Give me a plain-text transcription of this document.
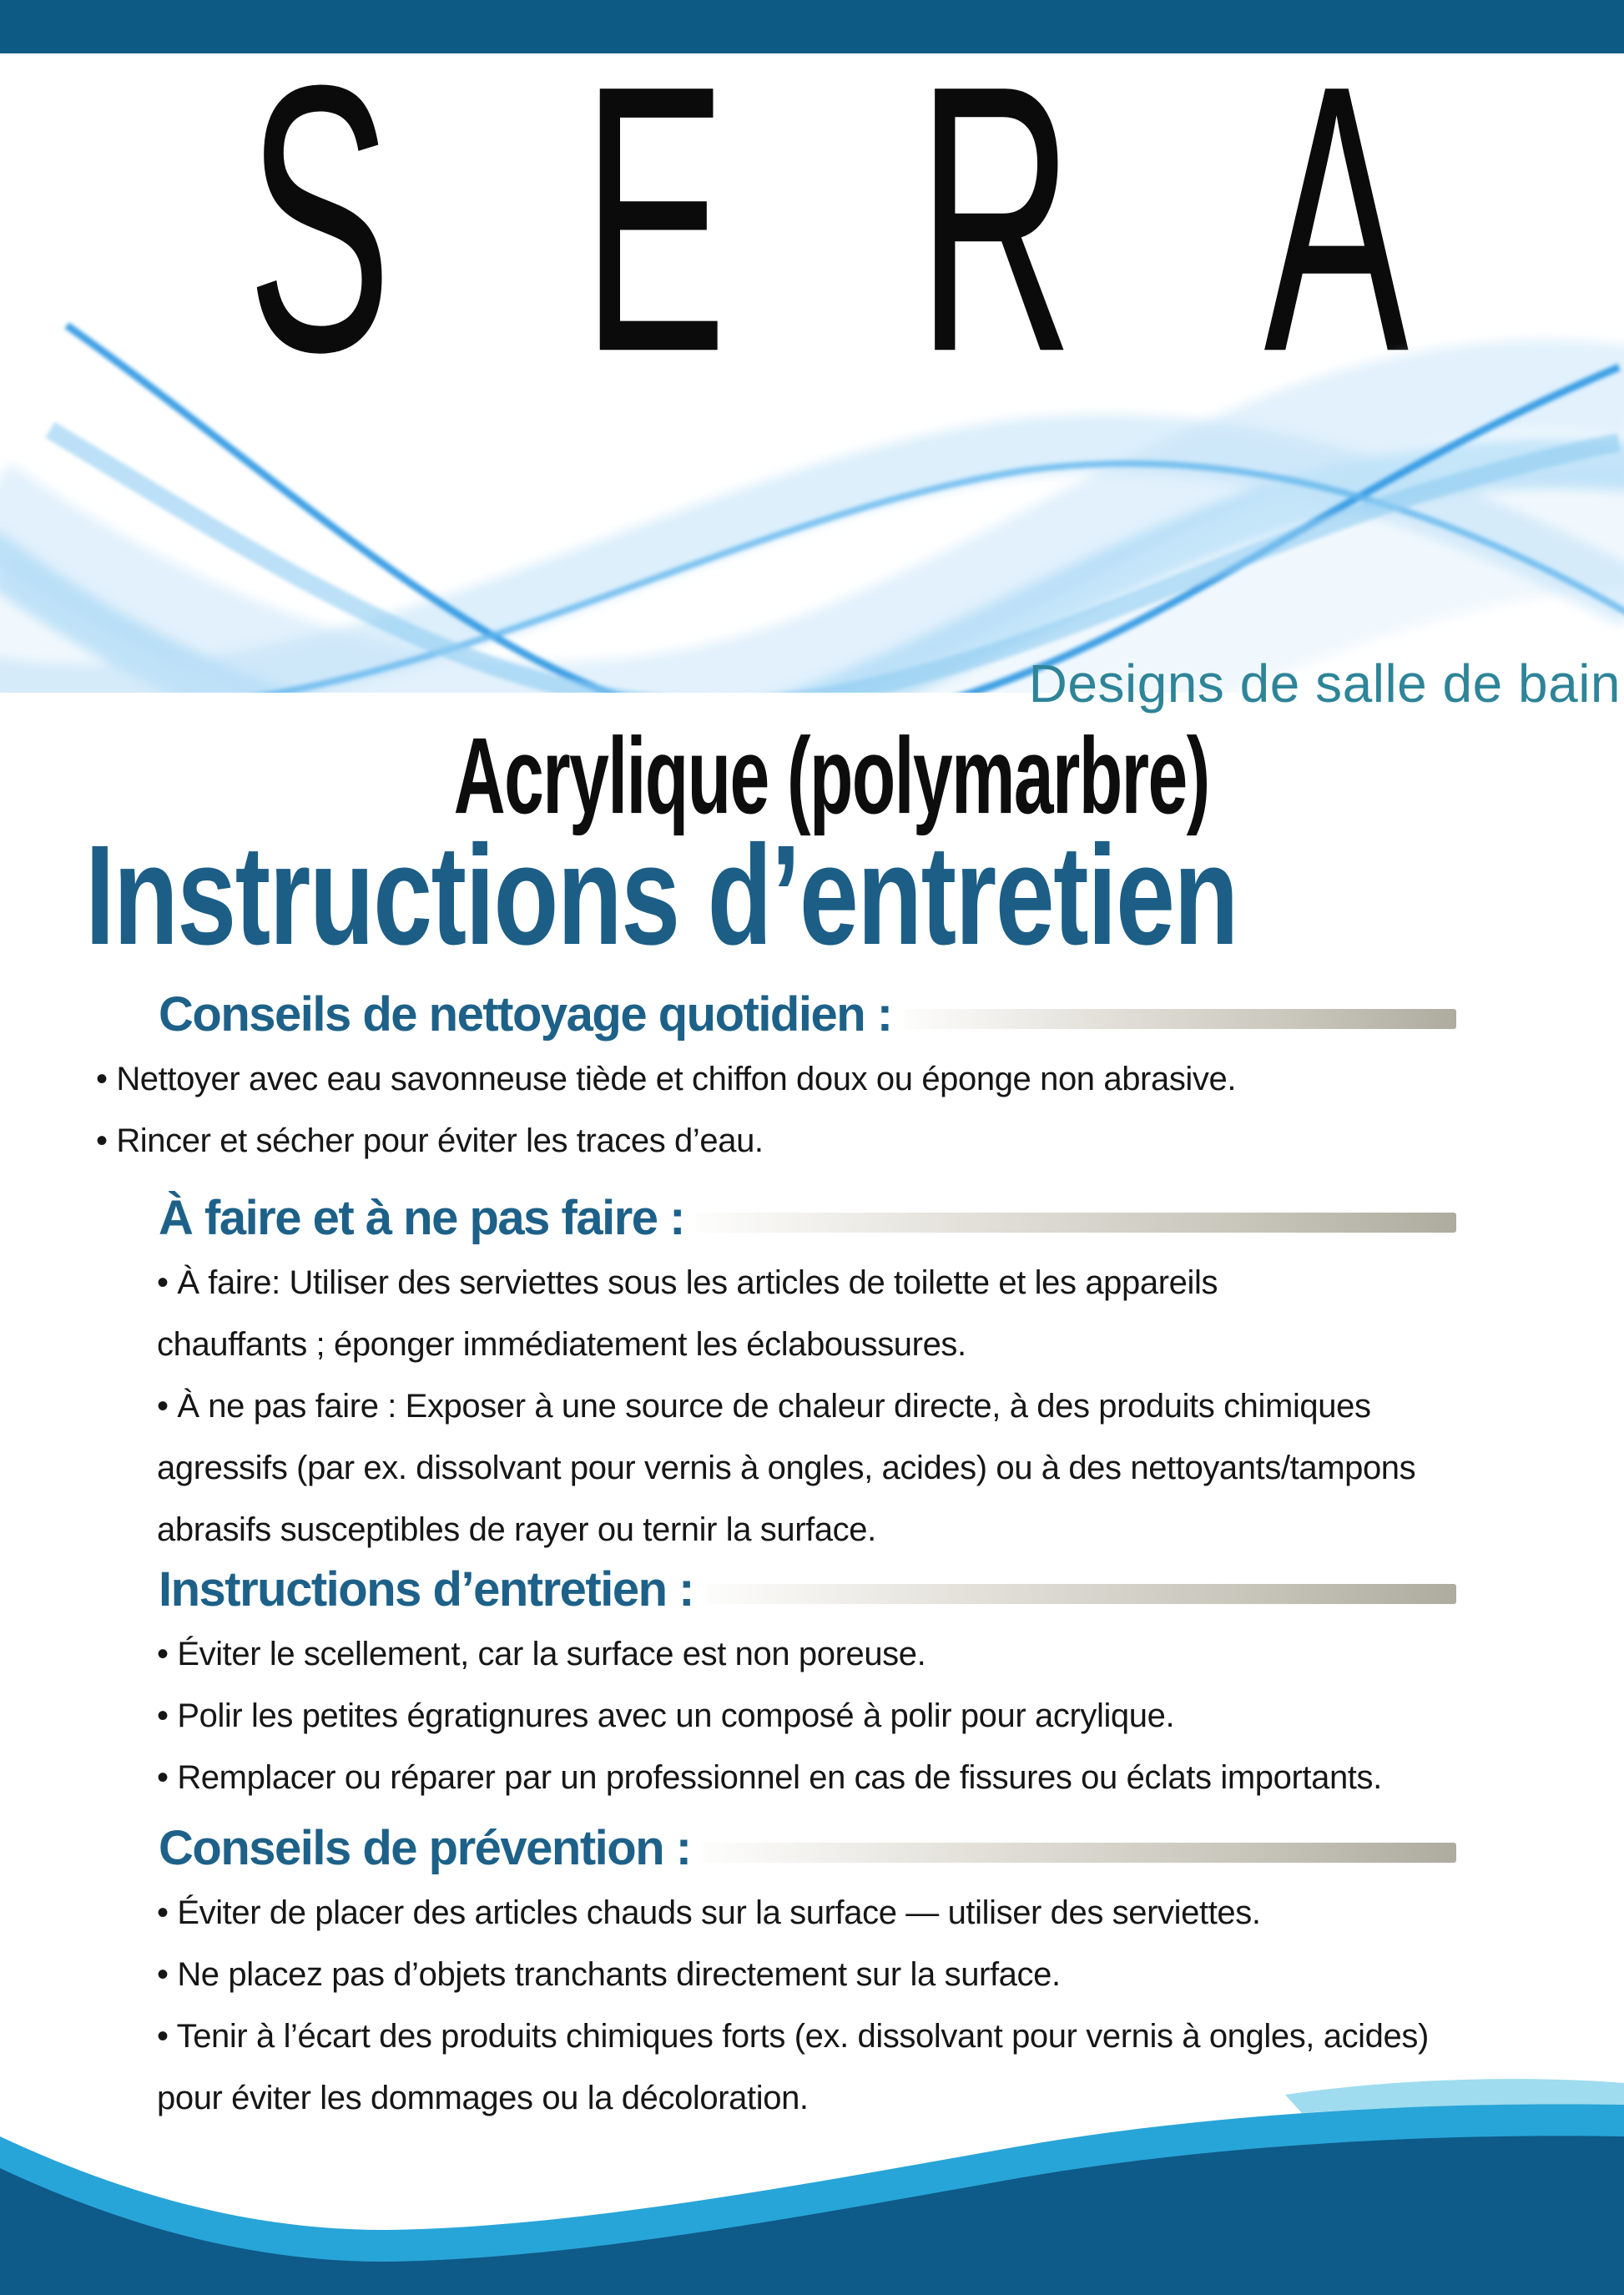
SERA
Designs de salle de bain
Acrylique (polymarbre)
Instructions d’entretien
Conseils de nettoyage quotidien :
• Nettoyer avec eau savonneuse tiède et chiffon doux ou éponge non abrasive.
• Rincer et sécher pour éviter les traces d’eau.
À faire et à ne pas faire :
• À faire: Utiliser des serviettes sous les articles de toilette et les appareils
chauffants ; éponger immédiatement les éclaboussures.
• À ne pas faire : Exposer à une source de chaleur directe, à des produits chimiques
agressifs (par ex. dissolvant pour vernis à ongles, acides) ou à des nettoyants/tampons
abrasifs susceptibles de rayer ou ternir la surface.
Instructions d’entretien :
• Éviter le scellement, car la surface est non poreuse.
• Polir les petites égratignures avec un composé à polir pour acrylique.
• Remplacer ou réparer par un professionnel en cas de fissures ou éclats importants.
Conseils de prévention :
• Éviter de placer des articles chauds sur la surface — utiliser des serviettes.
• Ne placez pas d’objets tranchants directement sur la surface.
• Tenir à l’écart des produits chimiques forts (ex. dissolvant pour vernis à ongles, acides)
pour éviter les dommages ou la décoloration.
